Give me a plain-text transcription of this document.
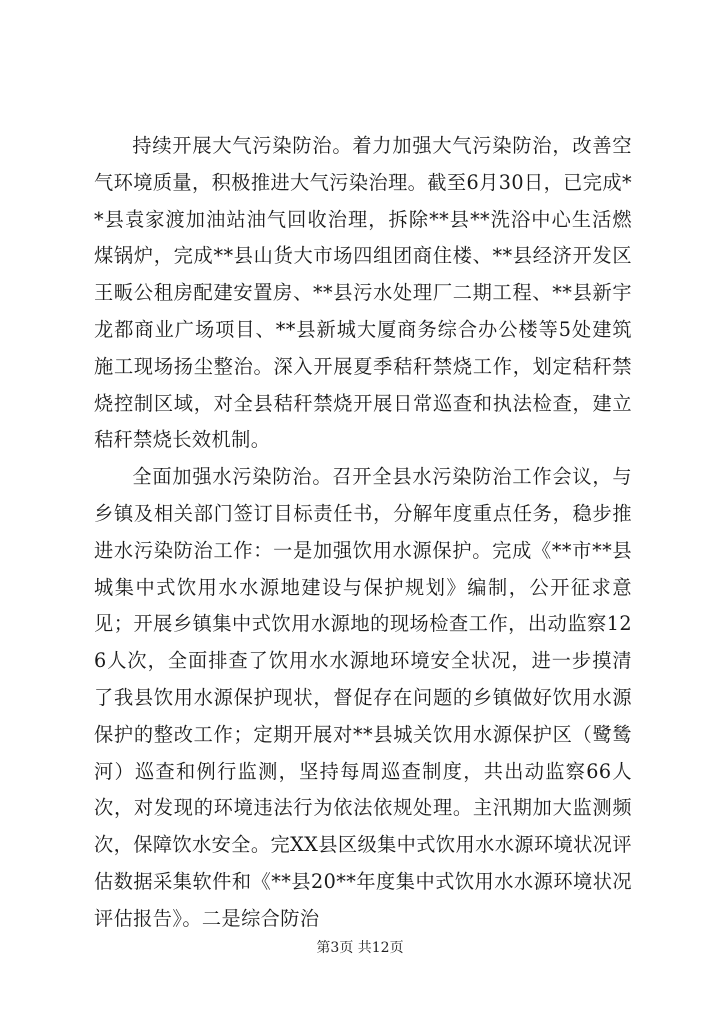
持续开展大气污染防治。着力加强大气污染防治，改善空气环境质量，积极推进大气污染治理。截至6月30日，已完成**县袁家渡加油站油气回收治理，拆除**县**洗浴中心生活燃煤锅炉，完成**县山货大市场四组团商住楼、**县经济开发区王畈公租房配建安置房、**县污水处理厂二期工程、**县新宇龙都商业广场项目、**县新城大厦商务综合办公楼等5处建筑施工现场扬尘整治。深入开展夏季秸秆禁烧工作，划定秸秆禁烧控制区域，对全县秸秆禁烧开展日常巡查和执法检查，建立秸秆禁烧长效机制。

全面加强水污染防治。召开全县水污染防治工作会议，与乡镇及相关部门签订目标责任书，分解年度重点任务，稳步推进水污染防治工作：一是加强饮用水源保护。完成《**市**县城集中式饮用水水源地建设与保护规划》编制，公开征求意见；开展乡镇集中式饮用水源地的现场检查工作，出动监察126人次，全面排查了饮用水水源地环境安全状况，进一步摸清了我县饮用水源保护现状，督促存在问题的乡镇做好饮用水源保护的整改工作；定期开展对**县城关饮用水源保护区（鹭鸶河）巡查和例行监测，坚持每周巡查制度，共出动监察66人次，对发现的环境违法行为依法依规处理。主汛期加大监测频次，保障饮水安全。完XX县区级集中式饮用水水源环境状况评估数据采集软件和《**县20**年度集中式饮用水水源环境状况评估报告》。二是综合防治

第3页 共12页
